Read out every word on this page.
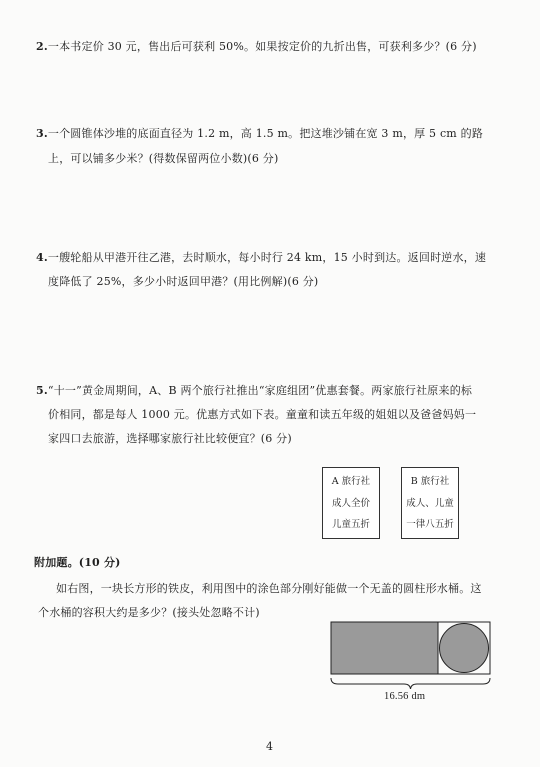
2.一本书定价 30 元，售出后可获利 50%。如果按定价的九折出售，可获利多少？(6 分)
3.一个圆锥体沙堆的底面直径为 1.2 m，高 1.5 m。把这堆沙铺在宽 3 m，厚 5 cm 的路
上，可以铺多少米？(得数保留两位小数)(6 分)
4.一艘轮船从甲港开往乙港，去时顺水，每小时行 24 km，15 小时到达。返回时逆水，速
度降低了 25%，多少小时返回甲港？(用比例解)(6 分)
5.“十一”黄金周期间，A、B 两个旅行社推出“家庭组团”优惠套餐。两家旅行社原来的标
价相同，都是每人 1000 元。优惠方式如下表。童童和读五年级的姐姐以及爸爸妈妈一
家四口去旅游，选择哪家旅行社比较便宜？(6 分)
A 旅行社
成人全价
儿童五折
B 旅行社
成人、儿童
一律八五折
附加题。(10 分)
如右图，一块长方形的铁皮，利用图中的涂色部分刚好能做一个无盖的圆柱形水桶。这
个水桶的容积大约是多少？(接头处忽略不计)
16.56 dm
4
